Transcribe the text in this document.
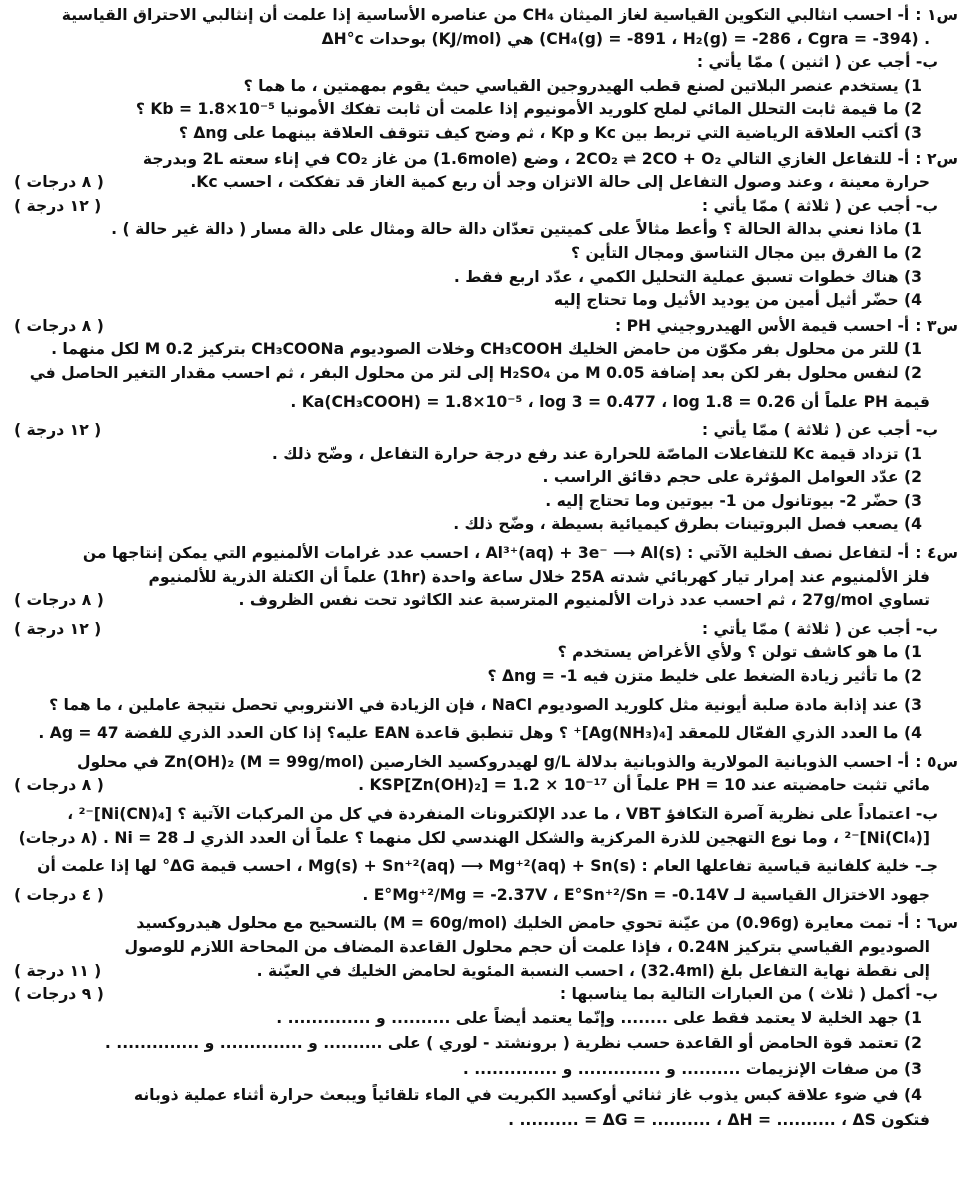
س١ :
أ- احسب انثالبي التكوين القياسية لغاز الميثان CH₄ من عناصره الأساسية إذا علمت أن إنثالبي الاحتراق القياسية
. (CH₄(g) = -891 ، H₂(g) = -286 ، Cgra = -394) هي (KJ/mol) بوحدات ΔH°c
ب- أجب عن ( اثنين ) ممّا يأتي :
1) يستخدم عنصر البلاتين لصنع قطب الهيدروجين القياسي حيث يقوم بمهمتين ، ما هما ؟
2) ما قيمة ثابت التحلل المائي لملح كلوريد الأمونيوم إذا علمت أن ثابت تفكك الأمونيا Kb = 1.8×10⁻⁵ ؟
3) أكتب العلاقة الرياضية التي تربط بين Kc و Kp ، ثم وضح كيف تتوقف العلاقة بينهما على Δng ؟
س٢ :
أ- للتفاعل الغازي التالي 2CO₂ ⇌ 2CO + O₂ ، وضع (1.6mole) من غاز CO₂ في إناء سعته 2L وبدرجة
حرارة معينة ، وعند وصول التفاعل إلى حالة الاتزان وجد أن ربع كمية الغاز قد تفككت ، احسب Kc.
( ٨ درجات )
ب- أجب عن ( ثلاثة ) ممّا يأتي :
( ١٢ درجة )
1) ماذا نعني بدالة الحالة ؟ وأعط مثالاً على كميتين تعدّان دالة حالة ومثال على دالة مسار ( دالة غير حالة ) .
2) ما الفرق بين مجال التناسق ومجال التأين ؟
3) هناك خطوات تسبق عملية التحليل الكمي ، عدّد اربع فقط .
4) حضّر أثيل أمين من يوديد الأثيل وما تحتاج إليه
س٣ :
أ- احسب قيمة الأس الهيدروجيني PH :
( ٨ درجات )
1) للتر من محلول بفر مكوّن من حامض الخليك CH₃COOH وخلات الصوديوم CH₃COONa بتركيز 0.2 M لكل منهما .
2) لنفس محلول بفر لكن بعد إضافة 0.05 M من H₂SO₄ إلى لتر من محلول البفر ، ثم احسب مقدار التغير الحاصل في
قيمة PH علماً أن Ka(CH₃COOH) = 1.8×10⁻⁵ ، log 3 = 0.477 ، log 1.8 = 0.26 .
ب- أجب عن ( ثلاثة ) ممّا يأتي :
( ١٢ درجة )
1) تزداد قيمة Kc للتفاعلات الماصّة للحرارة عند رفع درجة حرارة التفاعل ، وضّح ذلك .
2) عدّد العوامل المؤثرة على حجم دقائق الراسب .
3) حضّر 2- بيوتانول من 1- بيوتين وما تحتاج إليه .
4) يصعب فصل البروتينات بطرق كيميائية بسيطة ، وضّح ذلك .
س٤ :
أ- لتفاعل نصف الخلية الآتي : Al³⁺(aq) + 3e⁻ ⟶ Al(s) ، احسب عدد غرامات الألمنيوم التي يمكن إنتاجها من
فلز الألمنيوم عند إمرار تيار كهربائي شدته 25A خلال ساعة واحدة (1hr) علماً أن الكتلة الذرية للألمنيوم
تساوي 27g/mol ، ثم احسب عدد ذرات الألمنيوم المترسبة عند الكاثود تحت نفس الظروف .
( ٨ درجات )
ب- أجب عن ( ثلاثة ) ممّا يأتي :
( ١٢ درجة )
1) ما هو كاشف تولن ؟ ولأي الأغراض يستخدم ؟
2) ما تأثير زيادة الضغط على خليط متزن فيه Δng = -1 ؟
3) عند إذابة مادة صلبة أيونية مثل كلوريد الصوديوم NaCl ، فإن الزيادة في الانتروبي تحصل نتيجة عاملين ، ما هما ؟
4) ما العدد الذري الفعّال للمعقد [Ag(NH₃)₄]⁺ ؟ وهل تنطبق قاعدة EAN عليه؟ إذا كان العدد الذري للفضة 47 = Ag .
س٥ :
أ- احسب الذوبانية المولارية والذوبانية بدلالة g/L لهيدروكسيد الخارصين Zn(OH)₂ (M = 99g/mol) في محلول
مائي تثبت حامضيته عند PH = 10 علماً أن KSP[Zn(OH)₂] = 1.2 × 10⁻¹⁷ .
( ٨ درجات )
ب- اعتماداً على نظرية آصرة التكافؤ VBT ، ما عدد الإلكترونات المنفردة في كل من المركبات الآتية ؟ [Ni(CN)₄]⁻² ،
[Ni(Cl₄)]⁻² ، وما نوع التهجين للذرة المركزية والشكل الهندسي لكل منهما ؟ علماً أن العدد الذري لـ Ni = 28 . (٨ درجات)
جـ- خلية كلفانية قياسية تفاعلها العام : Mg(s) + Sn⁺²(aq) ⟶ Mg⁺²(aq) + Sn(s) ، احسب قيمة ΔG° لها إذا علمت أن
جهود الاختزال القياسية لـ E°Mg⁺²/Mg = -2.37V ، E°Sn⁺²/Sn = -0.14V .
( ٤ درجات )
س٦ :
أ- تمت معايرة (0.96g) من عيّنة تحوي حامض الخليك (M = 60g/mol) بالتسحيح مع محلول هيدروكسيد
الصوديوم القياسي بتركيز 0.24N ، فإذا علمت أن حجم محلول القاعدة المضاف من المحاحة اللازم للوصول
إلى نقطة نهاية التفاعل بلغ (32.4ml) ، احسب النسبة المئوية لحامض الخليك في العيّنة .
( ١١ درجة )
ب- أكمل ( ثلاث ) من العبارات التالية بما يناسبها :
( ٩ درجات )
1) جهد الخلية لا يعتمد فقط على ........ وإنّما يعتمد أيضاً على .......... و .............. .
2) تعتمد قوة الحامض أو القاعدة حسب نظرية ( برونشتد - لوري ) على .......... و .............. و .............. .
3) من صفات الإنزيمات .......... و .............. و .............. .
4) في ضوء علاقة كبس يذوب غاز ثنائي أوكسيد الكبريت في الماء تلقائياً ويبعث حرارة أثناء عملية ذوبانه
فتكون ΔG = .......... ، ΔH = .......... ، ΔS = .......... .
